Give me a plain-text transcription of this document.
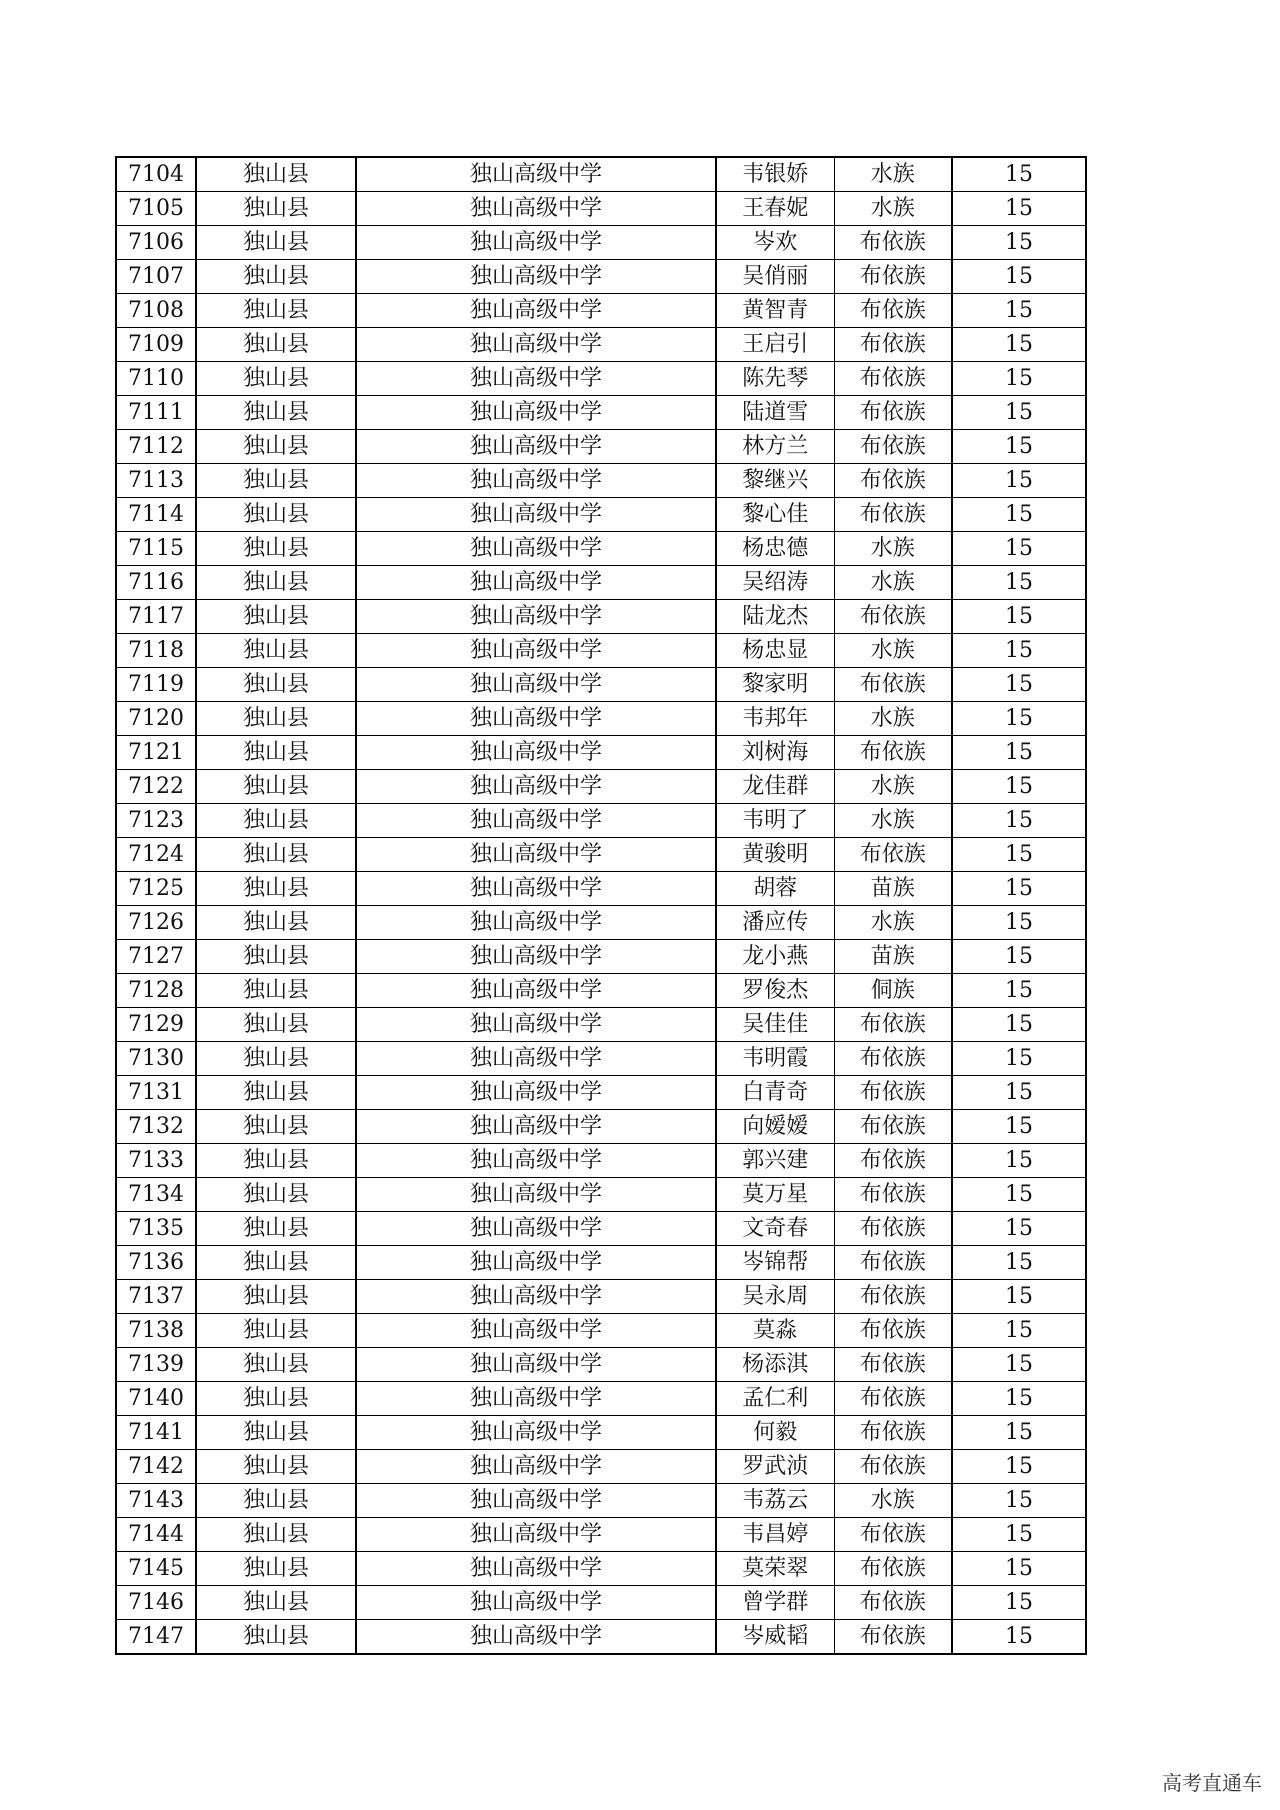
7104	独山县	独山高级中学	韦银娇	水族	15
7105	独山县	独山高级中学	王春妮	水族	15
7106	独山县	独山高级中学	岑欢	布依族	15
7107	独山县	独山高级中学	吴俏丽	布依族	15
7108	独山县	独山高级中学	黄智青	布依族	15
7109	独山县	独山高级中学	王启引	布依族	15
7110	独山县	独山高级中学	陈先琴	布依族	15
7111	独山县	独山高级中学	陆道雪	布依族	15
7112	独山县	独山高级中学	林方兰	布依族	15
7113	独山县	独山高级中学	黎继兴	布依族	15
7114	独山县	独山高级中学	黎心佳	布依族	15
7115	独山县	独山高级中学	杨忠德	水族	15
7116	独山县	独山高级中学	吴绍涛	水族	15
7117	独山县	独山高级中学	陆龙杰	布依族	15
7118	独山县	独山高级中学	杨忠显	水族	15
7119	独山县	独山高级中学	黎家明	布依族	15
7120	独山县	独山高级中学	韦邦年	水族	15
7121	独山县	独山高级中学	刘树海	布依族	15
7122	独山县	独山高级中学	龙佳群	水族	15
7123	独山县	独山高级中学	韦明了	水族	15
7124	独山县	独山高级中学	黄骏明	布依族	15
7125	独山县	独山高级中学	胡蓉	苗族	15
7126	独山县	独山高级中学	潘应传	水族	15
7127	独山县	独山高级中学	龙小燕	苗族	15
7128	独山县	独山高级中学	罗俊杰	侗族	15
7129	独山县	独山高级中学	吴佳佳	布依族	15
7130	独山县	独山高级中学	韦明霞	布依族	15
7131	独山县	独山高级中学	白青奇	布依族	15
7132	独山县	独山高级中学	向嫒嫒	布依族	15
7133	独山县	独山高级中学	郭兴建	布依族	15
7134	独山县	独山高级中学	莫万星	布依族	15
7135	独山县	独山高级中学	文奇春	布依族	15
7136	独山县	独山高级中学	岑锦帮	布依族	15
7137	独山县	独山高级中学	吴永周	布依族	15
7138	独山县	独山高级中学	莫淼	布依族	15
7139	独山县	独山高级中学	杨添淇	布依族	15
7140	独山县	独山高级中学	孟仁利	布依族	15
7141	独山县	独山高级中学	何毅	布依族	15
7142	独山县	独山高级中学	罗武浈	布依族	15
7143	独山县	独山高级中学	韦荔云	水族	15
7144	独山县	独山高级中学	韦昌婷	布依族	15
7145	独山县	独山高级中学	莫荣翠	布依族	15
7146	独山县	独山高级中学	曾学群	布依族	15
7147	独山县	独山高级中学	岑威韬	布依族	15
高考直通车
